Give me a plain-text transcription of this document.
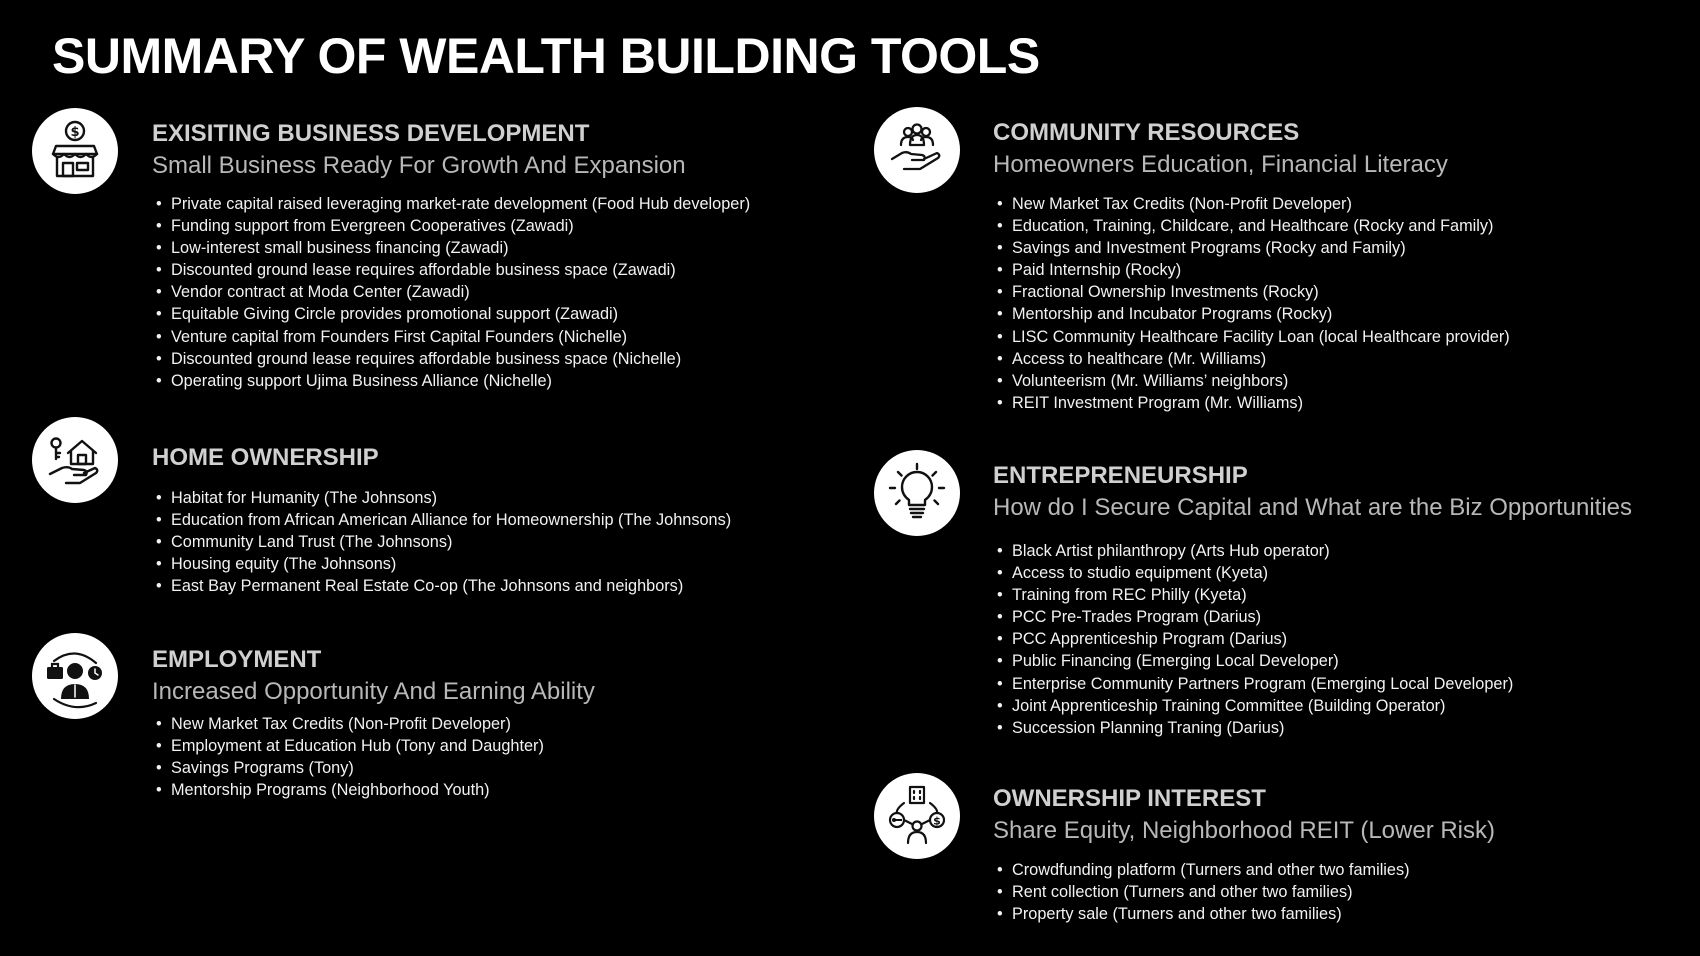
SUMMARY OF WEALTH BUILDING TOOLS
$	EXISITING BUSINESS DEVELOPMENT

Small Business Ready For Growth And Expansion

• Private capital raised leveraging market-rate development (Food Hub developer)
• Funding support from Evergreen Cooperatives (Zawadi)
• Low-interest small business financing (Zawadi)
• Discounted ground lease requires affordable business space (Zawadi)
• Vendor contract at Moda Center (Zawadi)
• Equitable Giving Circle provides promotional support (Zawadi)
• Venture capital from Founders First Capital Founders (Nichelle)
• Discounted ground lease requires affordable business space (Nichelle)
• Operating support Ujima Business Alliance (Nichelle)

HOME OWNERSHIP

• Habitat for Humanity (The Johnsons)
• Education from African American Alliance for Homeownership (The Johnsons)
• Community Land Trust (The Johnsons)
• Housing equity (The Johnsons)
• East Bay Permanent Real Estate Co-op (The Johnsons and neighbors)

EMPLOYMENT

Increased Opportunity And Earning Ability

• New Market Tax Credits (Non-Profit Developer)
• Employment at Education Hub (Tony and Daughter)
• Savings Programs (Tony)
• Mentorship Programs (Neighborhood Youth)

COMMUNITY RESOURCES

Homeowners Education, Financial Literacy

• New Market Tax Credits (Non-Profit Developer)
• Education, Training, Childcare, and Healthcare (Rocky and Family)
• Savings and Investment Programs (Rocky and Family)
• Paid Internship (Rocky)
• Fractional Ownership Investments (Rocky)
• Mentorship and Incubator Programs (Rocky)
• LISC Community Healthcare Facility Loan (local Healthcare provider)
• Access to healthcare (Mr. Williams)
• Volunteerism (Mr. Williams’ neighbors)
• REIT Investment Program (Mr. Williams)

ENTREPRENEURSHIP

How do I Secure Capital and What are the Biz Opportunities

• Black Artist philanthropy (Arts Hub operator)
• Access to studio equipment (Kyeta)
• Training from REC Philly (Kyeta)
• PCC Pre-Trades Program (Darius)
• PCC Apprenticeship Program (Darius)
• Public Financing (Emerging Local Developer)
• Enterprise Community Partners Program (Emerging Local Developer)
• Joint Apprenticeship Training Committee (Building Operator)
• Succession Planning Traning (Darius)
$

OWNERSHIP INTEREST

Share Equity, Neighborhood REIT (Lower Risk)

• Crowdfunding platform (Turners and other two families)
• Rent collection (Turners and other two families)
• Property sale (Turners and other two families)
